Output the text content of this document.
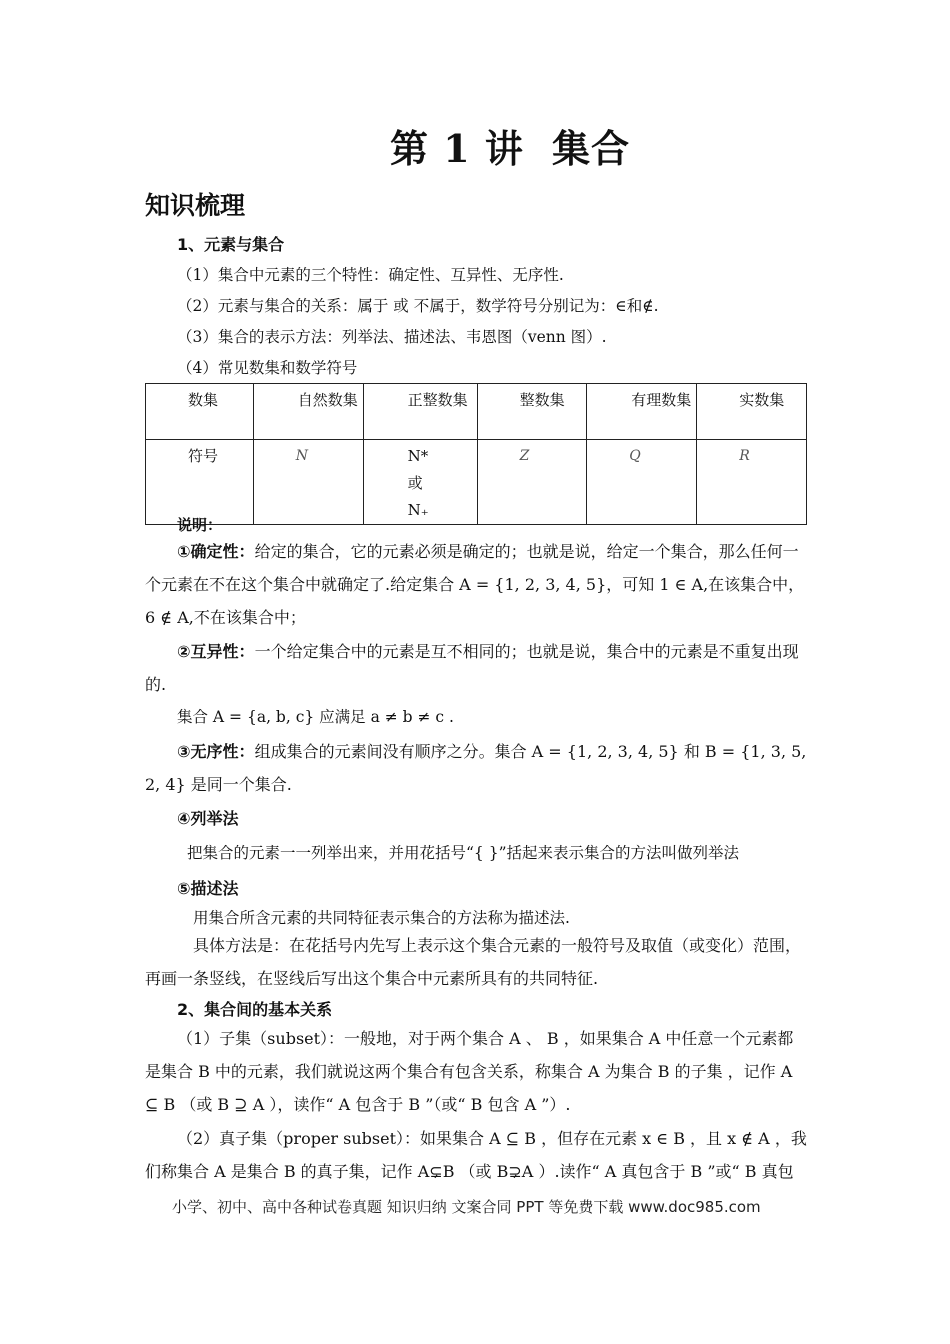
第 1 讲 集合
知识梳理
1、元素与集合
（1）集合中元素的三个特性：确定性、互异性、无序性.
（2）元素与集合的关系：属于 或 不属于，数学符号分别记为：∈和∉.
（3）集合的表示方法：列举法、描述法、韦恩图（venn 图）.
（4）常见数集和数学符号
数集	自然数集	正整数集	整数集	有理数集	实数集

符号	N	N* 或 N₊	Z	Q	R
说明：
①确定性：给定的集合，它的元素必须是确定的；也就是说，给定一个集合，那么任何一个元素在不在这个集合中就确定了.给定集合 A = {1, 2, 3, 4, 5}，可知 1 ∈ A,在该集合中，6 ∉ A,不在该集合中；
②互异性：一个给定集合中的元素是互不相同的；也就是说，集合中的元素是不重复出现的.
集合 A = {a, b, c} 应满足 a ≠ b ≠ c .
③无序性：组成集合的元素间没有顺序之分。集合 A = {1, 2, 3, 4, 5} 和 B = {1, 3, 5, 2, 4} 是同一个集合.
④列举法
把集合的元素一一列举出来，并用花括号“{ }”括起来表示集合的方法叫做列举法
⑤描述法
用集合所含元素的共同特征表示集合的方法称为描述法.
具体方法是：在花括号内先写上表示这个集合元素的一般符号及取值（或变化）范围，再画一条竖线，在竖线后写出这个集合中元素所具有的共同特征.
2、集合间的基本关系
（1）子集（subset）：一般地，对于两个集合 A 、 B ，如果集合 A 中任意一个元素都是集合 B 中的元素，我们就说这两个集合有包含关系，称集合 A 为集合 B 的子集 ，记作 A ⊆ B （或 B ⊇ A ），读作“ A 包含于 B ”（或“ B 包含 A ”）.
（2）真子集（proper subset）：如果集合 A ⊆ B ，但存在元素 x ∈ B ，且 x ∉ A ，我们称集合 A 是集合 B 的真子集，记作 A⊊B （或 B⊋A ）.读作“ A 真包含于 B ”或“ B 真包
小学、初中、高中各种试卷真题 知识归纳 文案合同 PPT 等免费下载 www.doc985.com
